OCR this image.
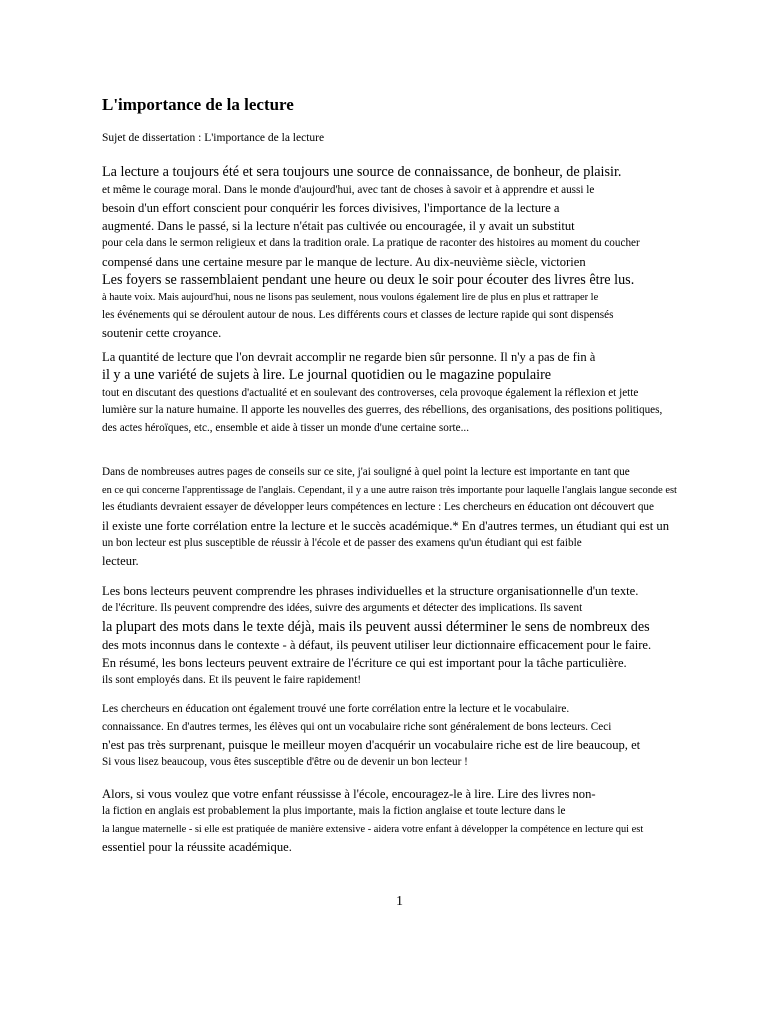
L'importance de la lecture
Sujet de dissertation : L'importance de la lecture
La lecture a toujours été et sera toujours une source de connaissance, de bonheur, de plaisir.
et même le courage moral. Dans le monde d'aujourd'hui, avec tant de choses à savoir et à apprendre et aussi le
besoin d'un effort conscient pour conquérir les forces divisives, l'importance de la lecture a
augmenté. Dans le passé, si la lecture n'était pas cultivée ou encouragée, il y avait un substitut
pour cela dans le sermon religieux et dans la tradition orale. La pratique de raconter des histoires au moment du coucher
compensé dans une certaine mesure par le manque de lecture. Au dix-neuvième siècle, victorien
Les foyers se rassemblaient pendant une heure ou deux le soir pour écouter des livres être lus.
à haute voix. Mais aujourd'hui, nous ne lisons pas seulement, nous voulons également lire de plus en plus et rattraper le
les événements qui se déroulent autour de nous. Les différents cours et classes de lecture rapide qui sont dispensés
soutenir cette croyance.
La quantité de lecture que l'on devrait accomplir ne regarde bien sûr personne. Il n'y a pas de fin à
il y a une variété de sujets à lire. Le journal quotidien ou le magazine populaire
tout en discutant des questions d'actualité et en soulevant des controverses, cela provoque également la réflexion et jette
lumière sur la nature humaine. Il apporte les nouvelles des guerres, des rébellions, des organisations, des positions politiques,
des actes héroïques, etc., ensemble et aide à tisser un monde d'une certaine sorte...
Dans de nombreuses autres pages de conseils sur ce site, j'ai souligné à quel point la lecture est importante en tant que
en ce qui concerne l'apprentissage de l'anglais. Cependant, il y a une autre raison très importante pour laquelle l'anglais langue seconde est
les étudiants devraient essayer de développer leurs compétences en lecture : Les chercheurs en éducation ont découvert que
il existe une forte corrélation entre la lecture et le succès académique.* En d'autres termes, un étudiant qui est un
un bon lecteur est plus susceptible de réussir à l'école et de passer des examens qu'un étudiant qui est faible
lecteur.
Les bons lecteurs peuvent comprendre les phrases individuelles et la structure organisationnelle d'un texte.
de l'écriture. Ils peuvent comprendre des idées, suivre des arguments et détecter des implications. Ils savent
la plupart des mots dans le texte déjà, mais ils peuvent aussi déterminer le sens de nombreux des
des mots inconnus dans le contexte - à défaut, ils peuvent utiliser leur dictionnaire efficacement pour le faire.
En résumé, les bons lecteurs peuvent extraire de l'écriture ce qui est important pour la tâche particulière.
ils sont employés dans. Et ils peuvent le faire rapidement!
Les chercheurs en éducation ont également trouvé une forte corrélation entre la lecture et le vocabulaire.
connaissance. En d'autres termes, les élèves qui ont un vocabulaire riche sont généralement de bons lecteurs. Ceci
n'est pas très surprenant, puisque le meilleur moyen d'acquérir un vocabulaire riche est de lire beaucoup, et
Si vous lisez beaucoup, vous êtes susceptible d'être ou de devenir un bon lecteur !
Alors, si vous voulez que votre enfant réussisse à l'école, encouragez-le à lire. Lire des livres non-
la fiction en anglais est probablement la plus importante, mais la fiction anglaise et toute lecture dans le
la langue maternelle - si elle est pratiquée de manière extensive - aidera votre enfant à développer la compétence en lecture qui est
essentiel pour la réussite académique.
1
